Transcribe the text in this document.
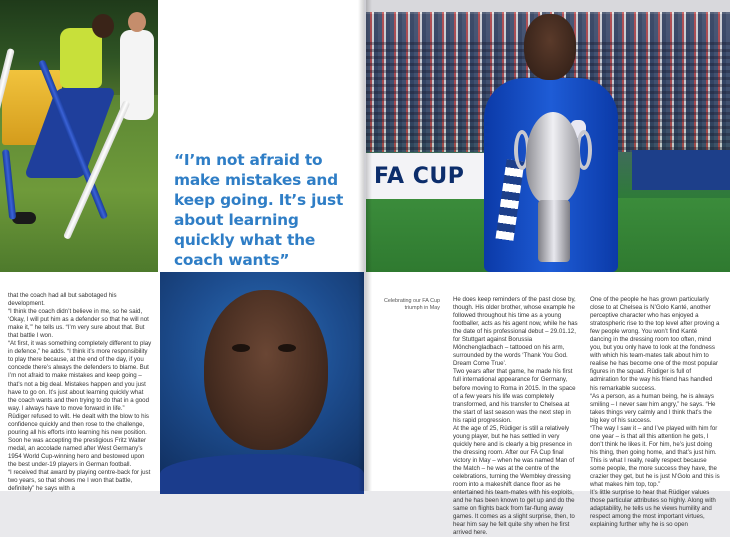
“I’m not afraid to make mistakes and keep going. It’s just about learning quickly what the coach wants”

that the coach had all but sabotaged his development.

“I think the coach didn’t believe in me, so he said, ‘Okay, I will put him as a defender so that he will not make it,’” he tells us. “I’m very sure about that. But that battle I won.

“At first, it was something completely different to play in defence,” he adds. “I think it’s more responsibility to play there because, at the end of the day, if you concede there’s always the defenders to blame. But I’m not afraid to make mistakes and keep going – that’s not a big deal. Mistakes happen and you just have to go on. It’s just about learning quickly what the coach wants and then trying to do that in a good way. I always have to move forward in life.”

Rüdiger refused to wilt. He dealt with the blow to his confidence quickly and then rose to the challenge, pouring all his efforts into learning his new position. Soon he was accepting the prestigious Fritz Walter medal, an accolade named after West Germany’s 1954 World Cup-winning hero and bestowed upon the best under-19 players in German football.

“I received that award by playing centre-back for just two years, so that shows me I won that battle, definitely” he says with a

FA CUP
Celebrating our FA Cup triumph in May

He does keep reminders of the past close by, though. His older brother, whose example he followed throughout his time as a young footballer, acts as his agent now, while he has the date of his professional debut – 29.01.12, for Stuttgart against Borussia Mönchengladbach – tattooed on his arm, surrounded by the words ‘Thank You God. Dream Come True’.

Two years after that game, he made his first full international appearance for Germany, before moving to Roma in 2015. In the space of a few years his life was completely transformed, and his transfer to Chelsea at the start of last season was the next step in his rapid progression.

At the age of 25, Rüdiger is still a relatively young player, but he has settled in very quickly here and is clearly a big presence in the dressing room. After our FA Cup final victory in May – when he was named Man of the Match – he was at the centre of the celebrations, turning the Wembley dressing room into a makeshift dance floor as he entertained his team-mates with his exploits, and he has been known to get up and do the same on flights back from far-flung away games. It comes as a slight surprise, then, to hear him say he felt quite shy when he first arrived here.

One of the people he has grown particularly close to at Chelsea is N’Golo Kanté, another perceptive character who has enjoyed a stratospheric rise to the top level after proving a few people wrong. You won’t find Kanté dancing in the dressing room too often, mind you, but you only have to look at the fondness with which his team-mates talk about him to realise he has become one of the most popular figures in the squad. Rüdiger is full of admiration for the way his friend has handled his remarkable success.

“As a person, as a human being, he is always smiling – I never saw him angry,” he says. “He takes things very calmly and I think that’s the big key of his success.

“The way I saw it – and I’ve played with him for one year – is that all this attention he gets, I don’t think he likes it. For him, he’s just doing his thing, then going home, and that’s just him. This is what I really, really respect because some people, the more success they have, the crazier they get, but he is just N’Golo and this is what makes him top, top.”

It’s little surprise to hear that Rüdiger values those particular attributes so highly. Along with adaptability, he tells us he views humility and respect among the most important virtues, explaining further why he is so open
